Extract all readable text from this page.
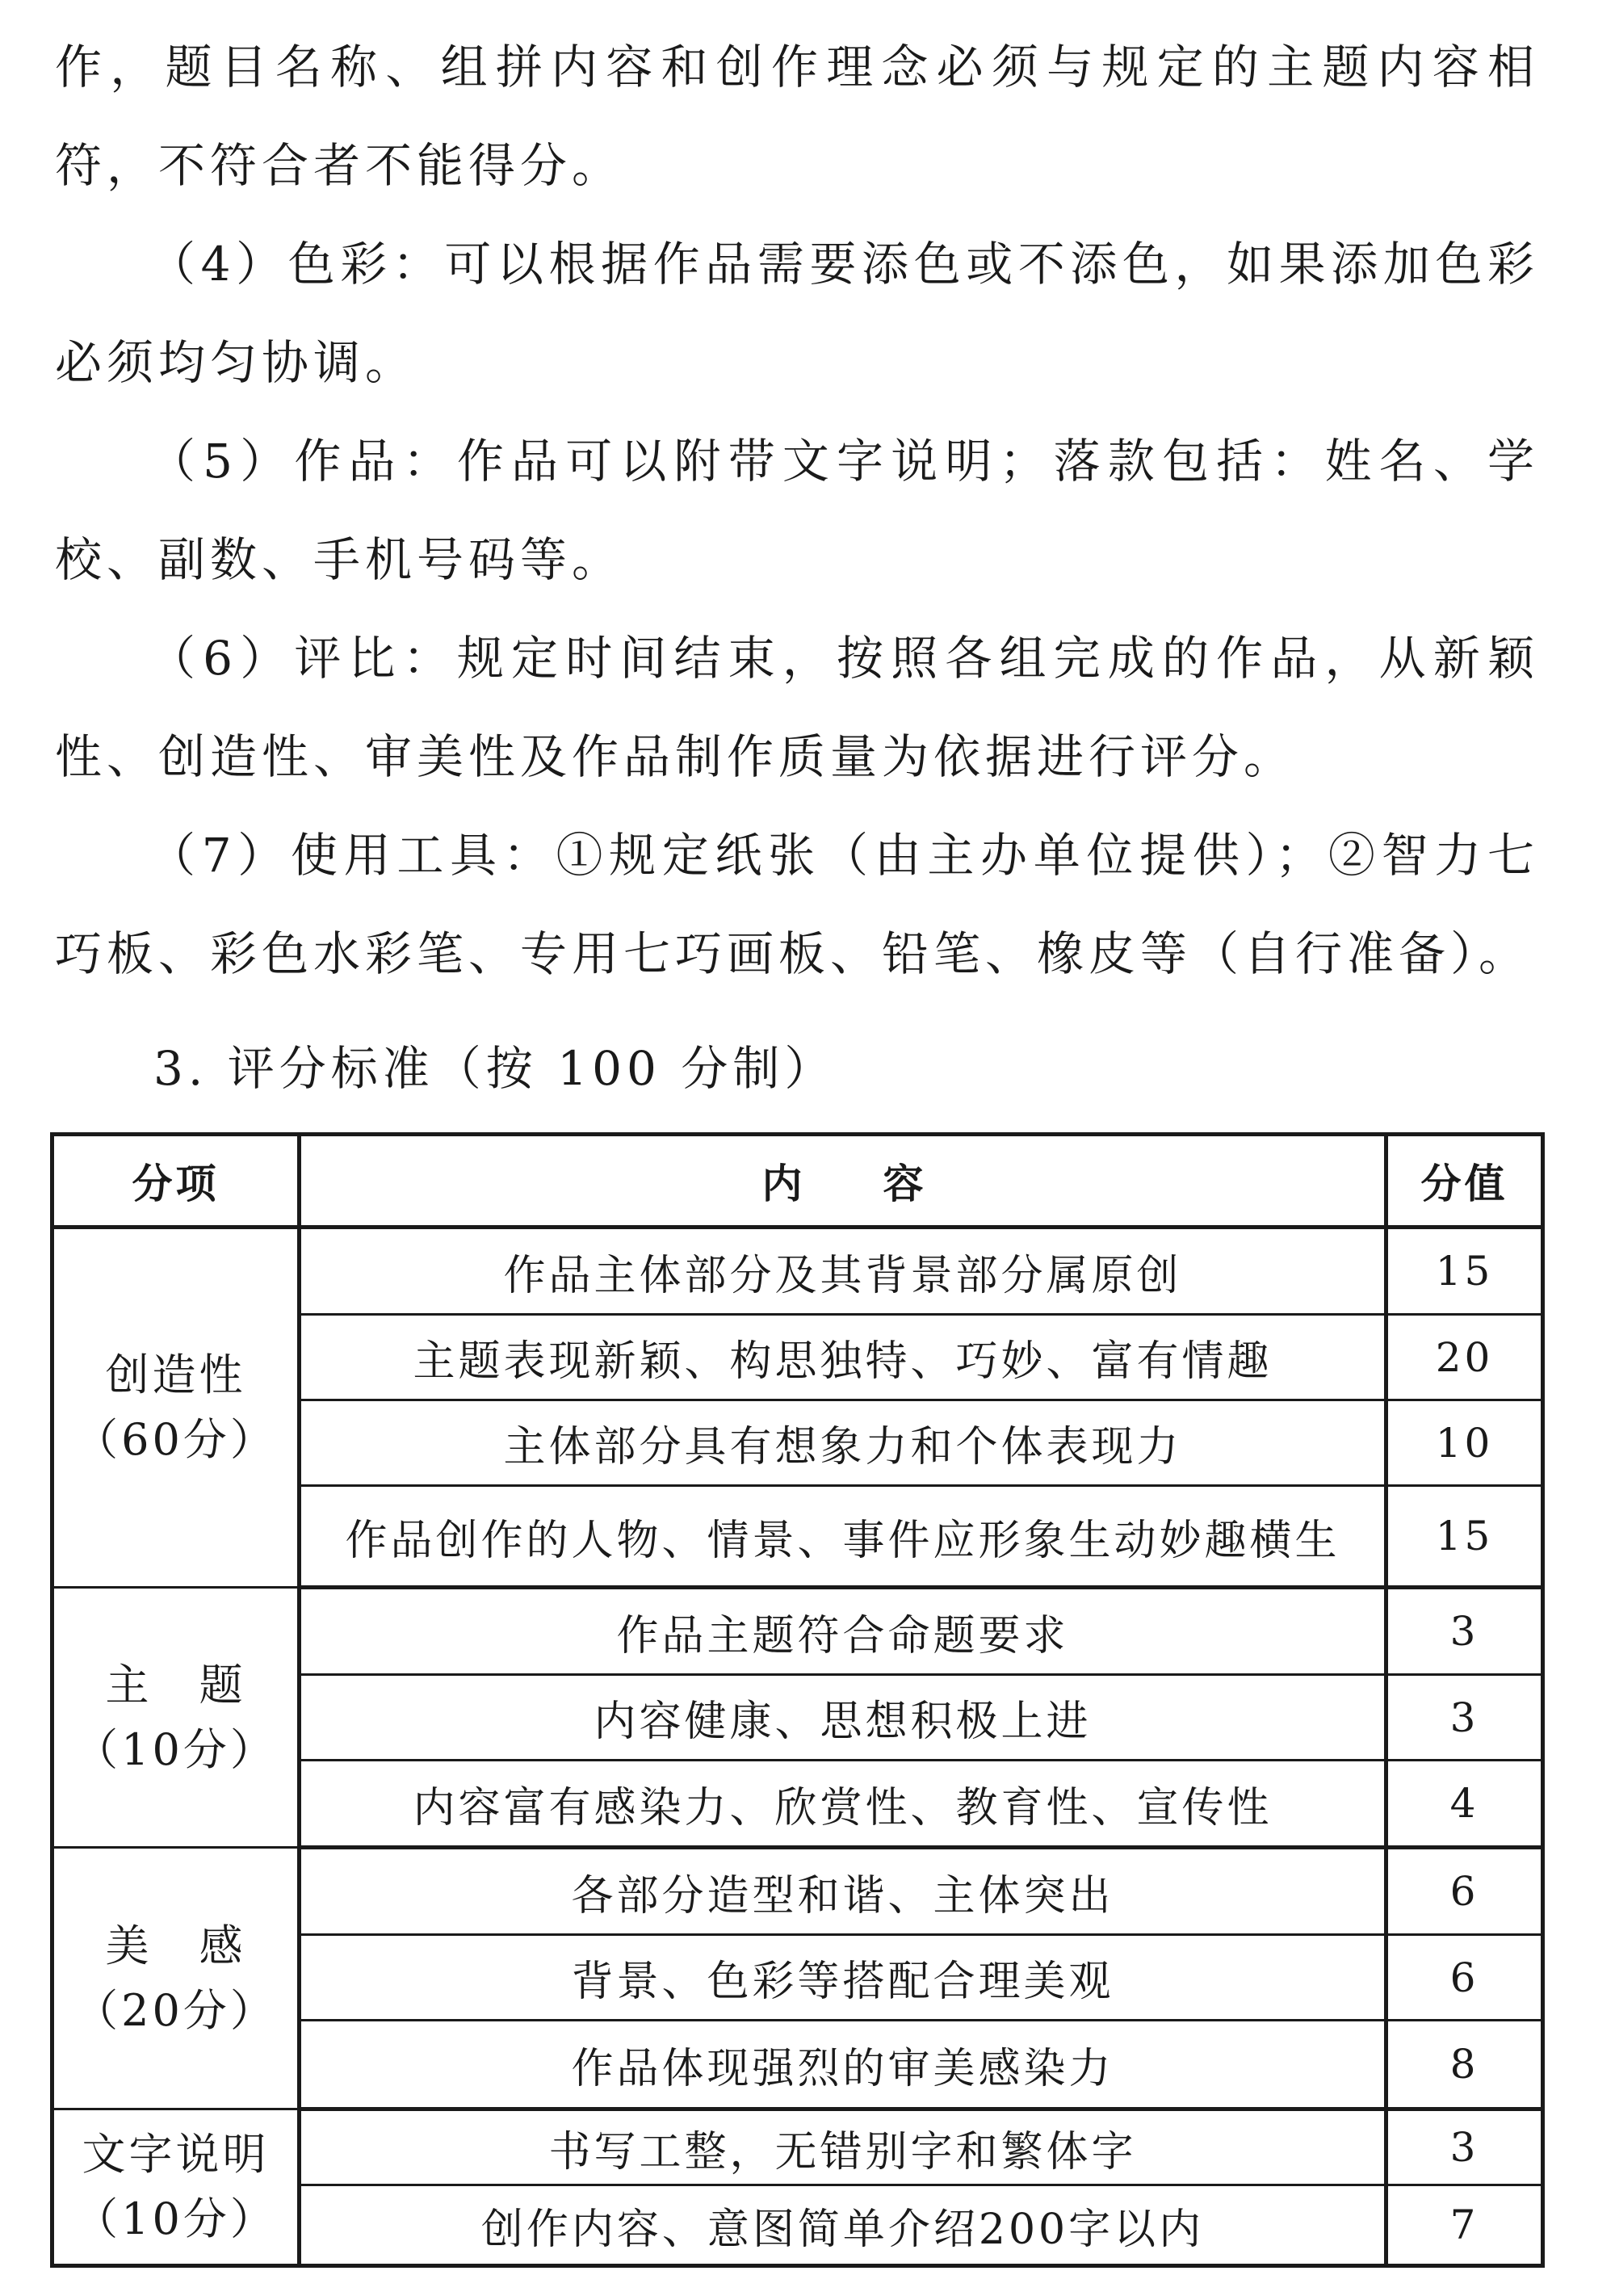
作，题目名称、组拼内容和创作理念必须与规定的主题内容相符，不符合者不能得分。

（4）色彩：可以根据作品需要添色或不添色，如果添加色彩必须均匀协调。

（5）作品：作品可以附带文字说明；落款包括：姓名、学校、副数、手机号码等。

（6）评比：规定时间结束，按照各组完成的作品，从新颖性、创造性、审美性及作品制作质量为依据进行评分。

（7）使用工具：①规定纸张（由主办单位提供）；②智力七巧板、彩色水彩笔、专用七巧画板、铅笔、橡皮等（自行准备）。

3. 评分标准（按 100 分制）

分项	内　　容	分值

创造性
（60分）	作品主体部分及其背景部分属原创	15
	主题表现新颖、构思独特、巧妙、富有情趣	20
	主体部分具有想象力和个体表现力	10
	作品创作的人物、情景、事件应形象生动妙趣横生	15

主　题
（10分）	作品主题符合命题要求	3
	内容健康、思想积极上进	3
	内容富有感染力、欣赏性、教育性、宣传性	4

美　感
（20分）	各部分造型和谐、主体突出	6
	背景、色彩等搭配合理美观	6
	作品体现强烈的审美感染力	8

文字说明
（10分）	书写工整，无错别字和繁体字	3
	创作内容、意图简单介绍200字以内	7
